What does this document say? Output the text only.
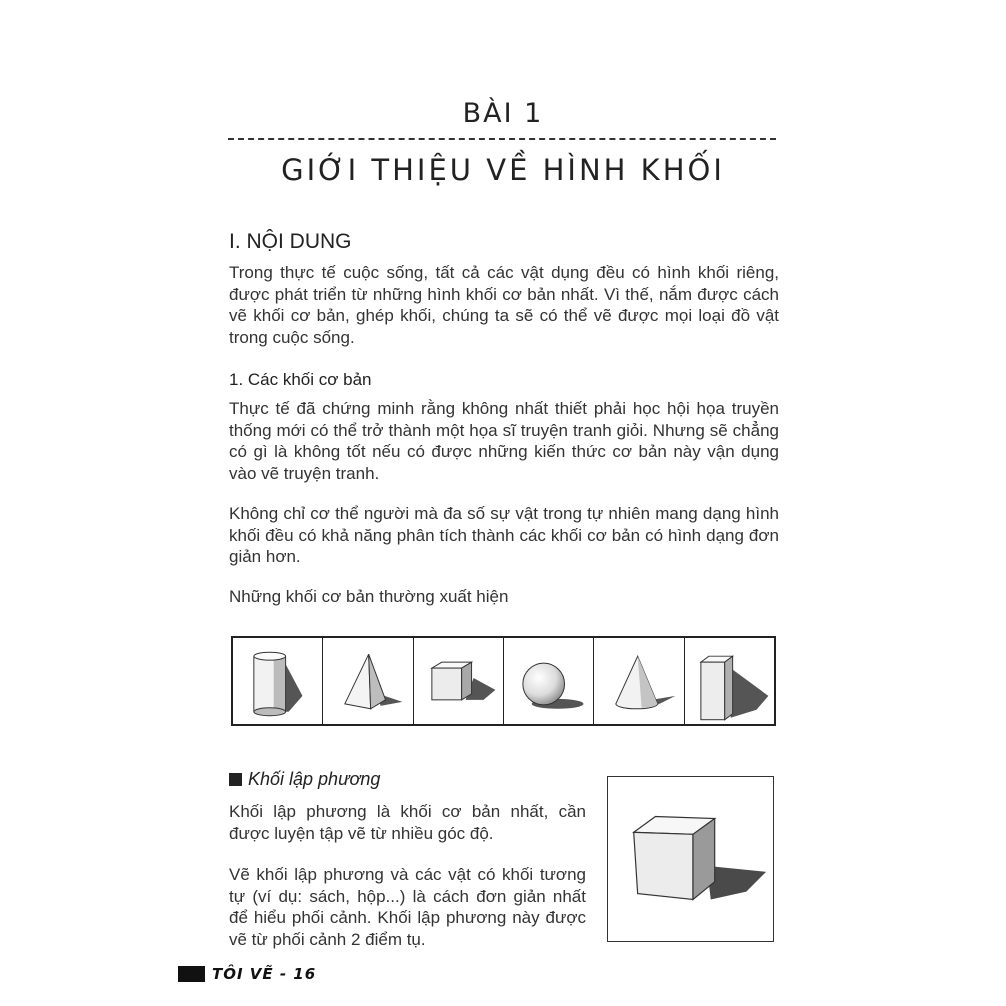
BÀI 1
GIỚI THIỆU VỀ HÌNH KHỐI
I. NỘI DUNG
Trong thực tế cuộc sống, tất cả các vật dụng đều có hình khối riêng, được phát triển từ những hình khối cơ bản nhất. Vì thế, nắm được cách vẽ khối cơ bản, ghép khối, chúng ta sẽ có thể vẽ được mọi loại đồ vật trong cuộc sống.
1. Các khối cơ bản
Thực tế đã chứng minh rằng không nhất thiết phải học hội họa truyền thống mới có thể trở thành một họa sĩ truyện tranh giỏi. Nhưng sẽ chẳng có gì là không tốt nếu có được những kiến thức cơ bản này vận dụng vào vẽ truyện tranh.
Không chỉ cơ thể người mà đa số sự vật trong tự nhiên mang dạng hình khối đều có khả năng phân tích thành các khối cơ bản có hình dạng đơn giản hơn.
Những khối cơ bản thường xuất hiện
Khối lập phương
Khối lập phương là khối cơ bản nhất, cần được luyện tập vẽ từ nhiều góc độ.
Vẽ khối lập phương và các vật có khối tương tự (ví dụ: sách, hộp...) là cách đơn giản nhất để hiểu phối cảnh. Khối lập phương này được vẽ từ phối cảnh 2 điểm tụ.
TÔI VẼ - 16
